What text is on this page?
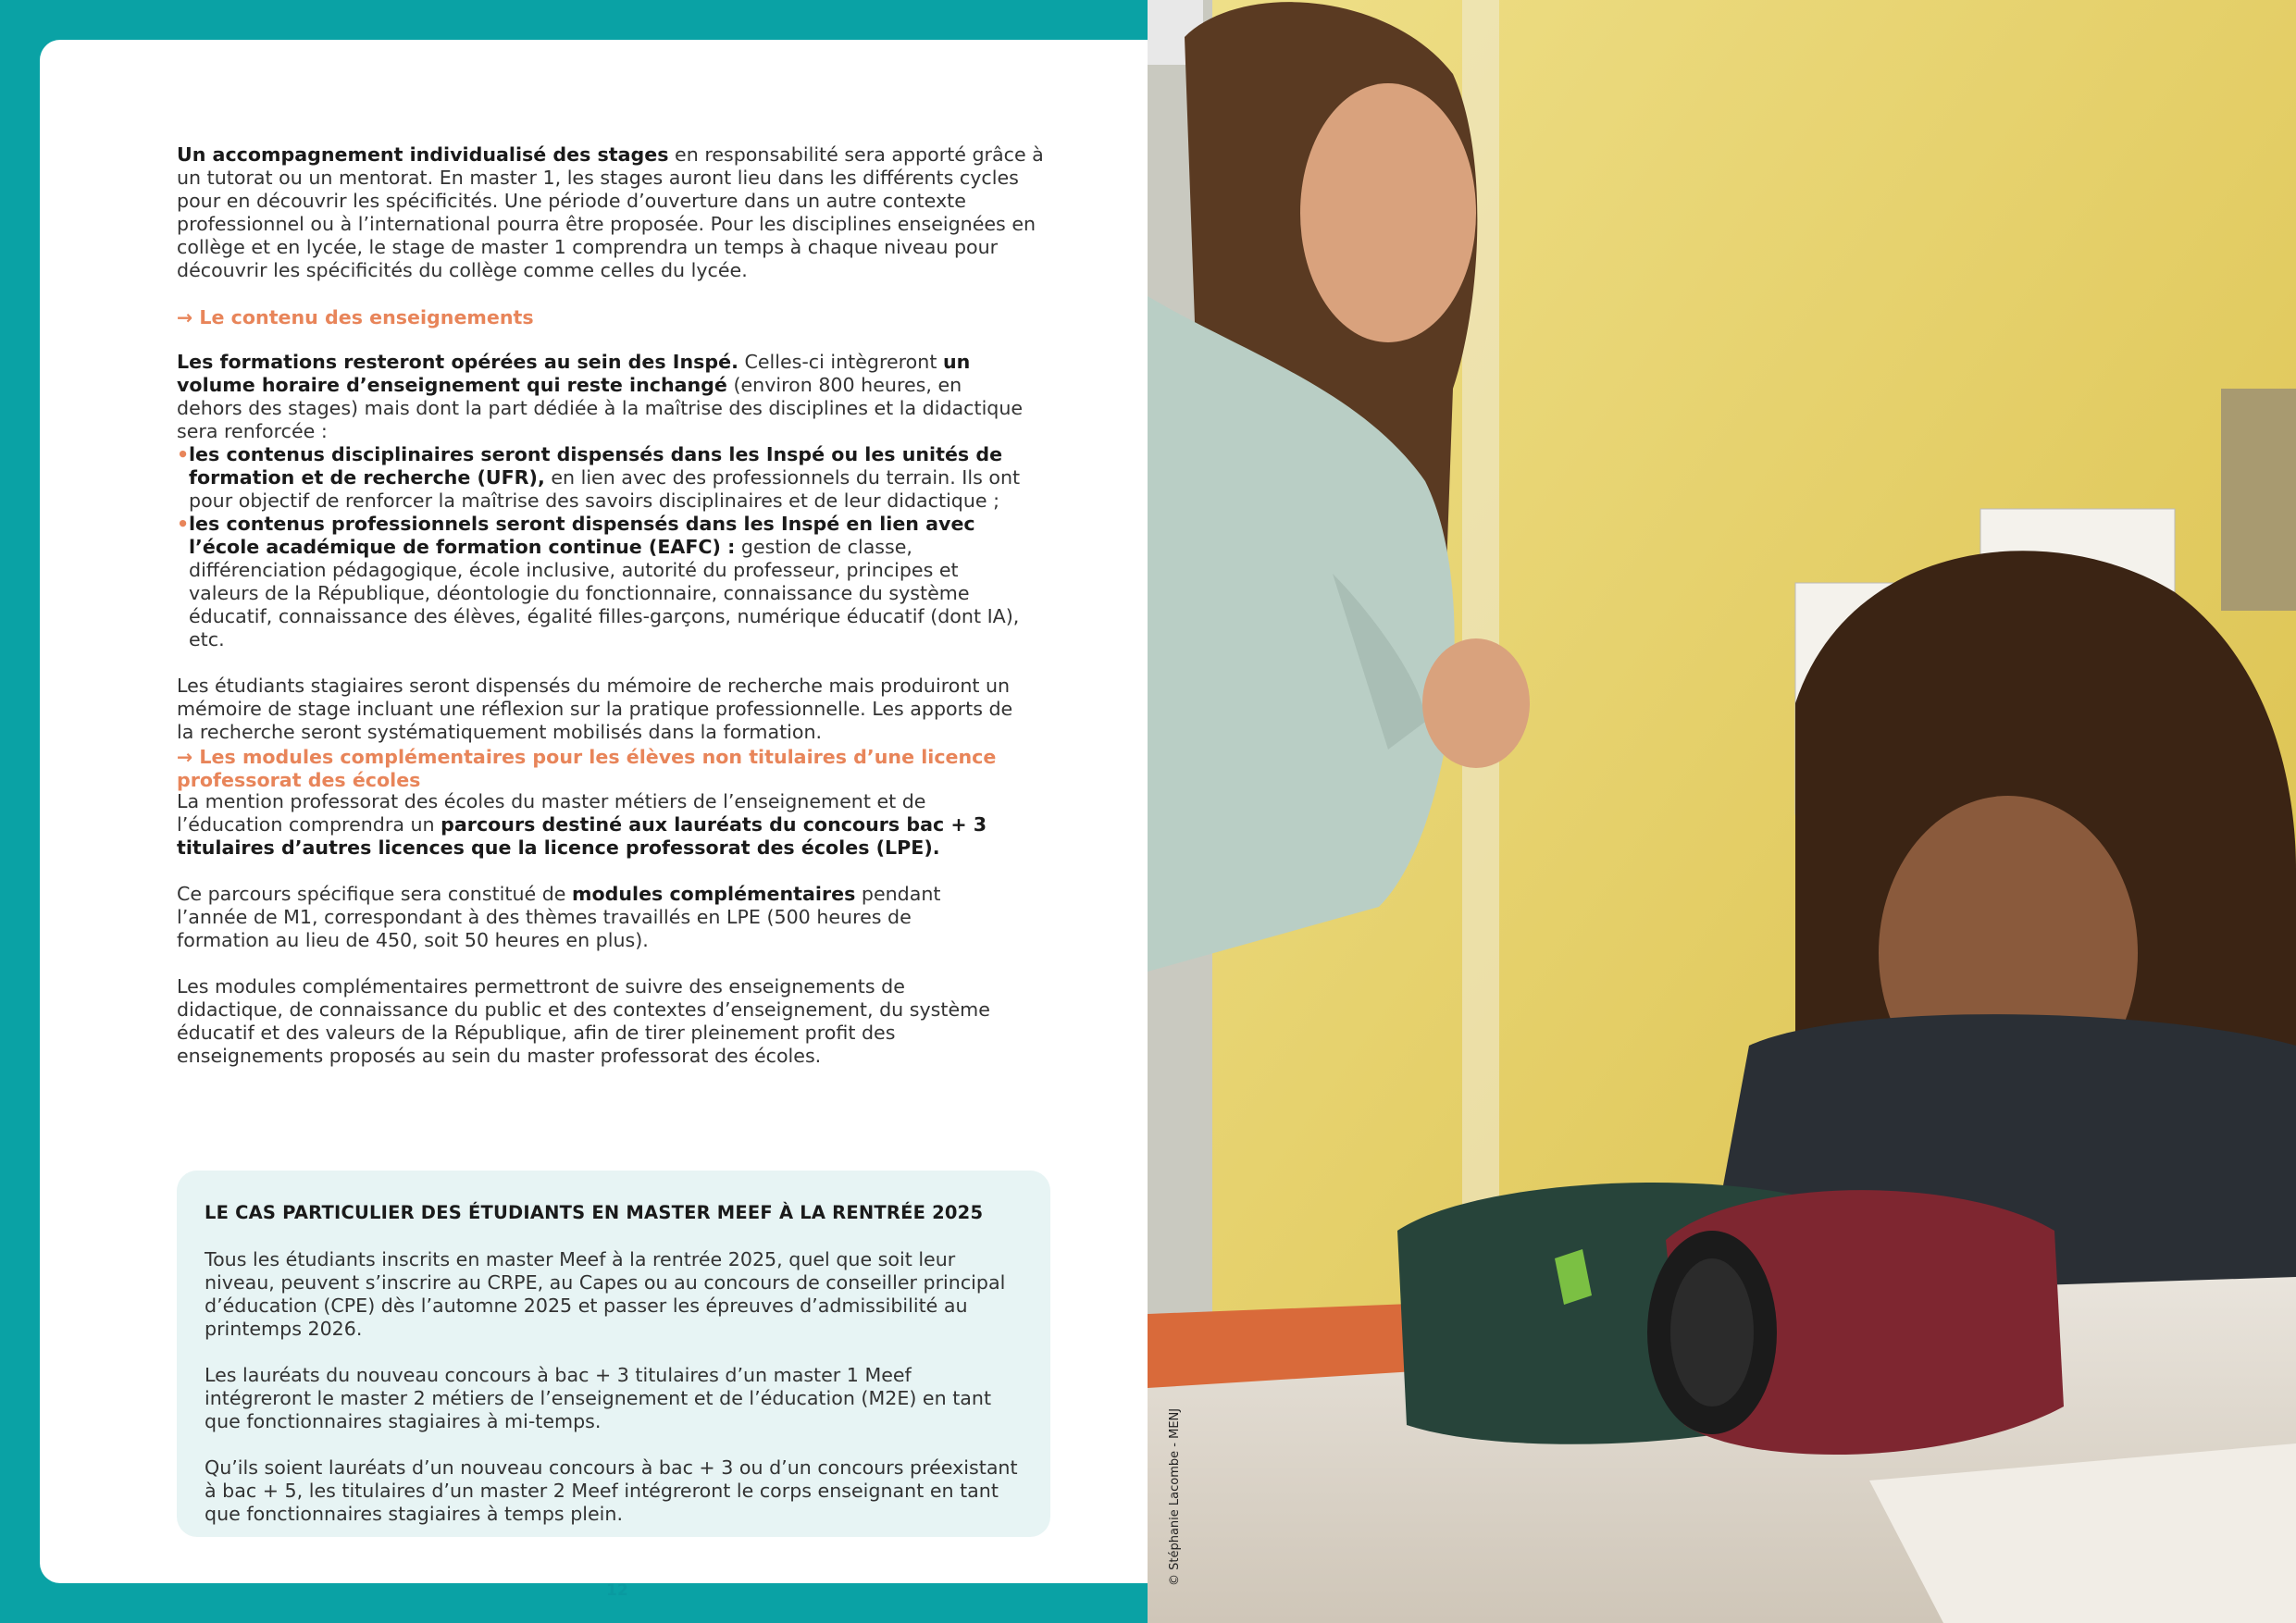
Un accompagnement individualisé des stages en responsabilité sera apporté grâce à un tutorat ou un mentorat. En master 1, les stages auront lieu dans les différents cycles pour en découvrir les spécificités. Une période d’ouverture dans un autre contexte professionnel ou à l’international pourra être proposée. Pour les disciplines enseignées en collège et en lycée, le stage de master 1 comprendra un temps à chaque niveau pour découvrir les spécificités du collège comme celles du lycée.

→ Le contenu des enseignements

Les formations resteront opérées au sein des Inspé. Celles-ci intègreront un volume horaire d’enseignement qui reste inchangé (environ 800 heures, en dehors des stages) mais dont la part dédiée à la maîtrise des disciplines et la didactique sera renforcée :

• les contenus disciplinaires seront dispensés dans les Inspé ou les unités de formation et de recherche (UFR), en lien avec des professionnels du terrain. Ils ont pour objectif de renforcer la maîtrise des savoirs disciplinaires et de leur didactique ;
• les contenus professionnels seront dispensés dans les Inspé en lien avec l’école académique de formation continue (EAFC) : gestion de classe, différenciation pédagogique, école inclusive, autorité du professeur, principes et valeurs de la République, déontologie du fonctionnaire, connaissance du système éducatif, connaissance des élèves, égalité filles-garçons, numérique éducatif (dont IA), etc.

Les étudiants stagiaires seront dispensés du mémoire de recherche mais produiront un mémoire de stage incluant une réflexion sur la pratique professionnelle. Les apports de la recherche seront systématiquement mobilisés dans la formation.

→ Les modules complémentaires pour les élèves non titulaires d’une licence professorat des écoles

La mention professorat des écoles du master métiers de l’enseignement et de l’éducation comprendra un parcours destiné aux lauréats du concours bac + 3 titulaires d’autres licences que la licence professorat des écoles (LPE).

Ce parcours spécifique sera constitué de modules complémentaires pendant l’année de M1, correspondant à des thèmes travaillés en LPE (500 heures de formation au lieu de 450, soit 50 heures en plus).

Les modules complémentaires permettront de suivre des enseignements de didactique, de connaissance du public et des contextes d’enseignement, du système éducatif et des valeurs de la République, afin de tirer pleinement profit des enseignements proposés au sein du master professorat des écoles.

LE CAS PARTICULIER DES ÉTUDIANTS EN MASTER MEEF À LA RENTRÉE 2025

Tous les étudiants inscrits en master Meef à la rentrée 2025, quel que soit leur niveau, peuvent s’inscrire au CRPE, au Capes ou au concours de conseiller principal d’éducation (CPE) dès l’automne 2025 et passer les épreuves d’admissibilité au printemps 2026.

Les lauréats du nouveau concours à bac + 3 titulaires d’un master 1 Meef intégreront le master 2 métiers de l’enseignement et de l’éducation (M2E) en tant que fonctionnaires stagiaires à mi-temps.

Qu’ils soient lauréats d’un nouveau concours à bac + 3 ou d’un concours préexistant à bac + 5, les titulaires d’un master 2 Meef intégreront le corps enseignant en tant que fonctionnaires stagiaires à temps plein.

12
© Stéphanie Lacombe - MENJ
